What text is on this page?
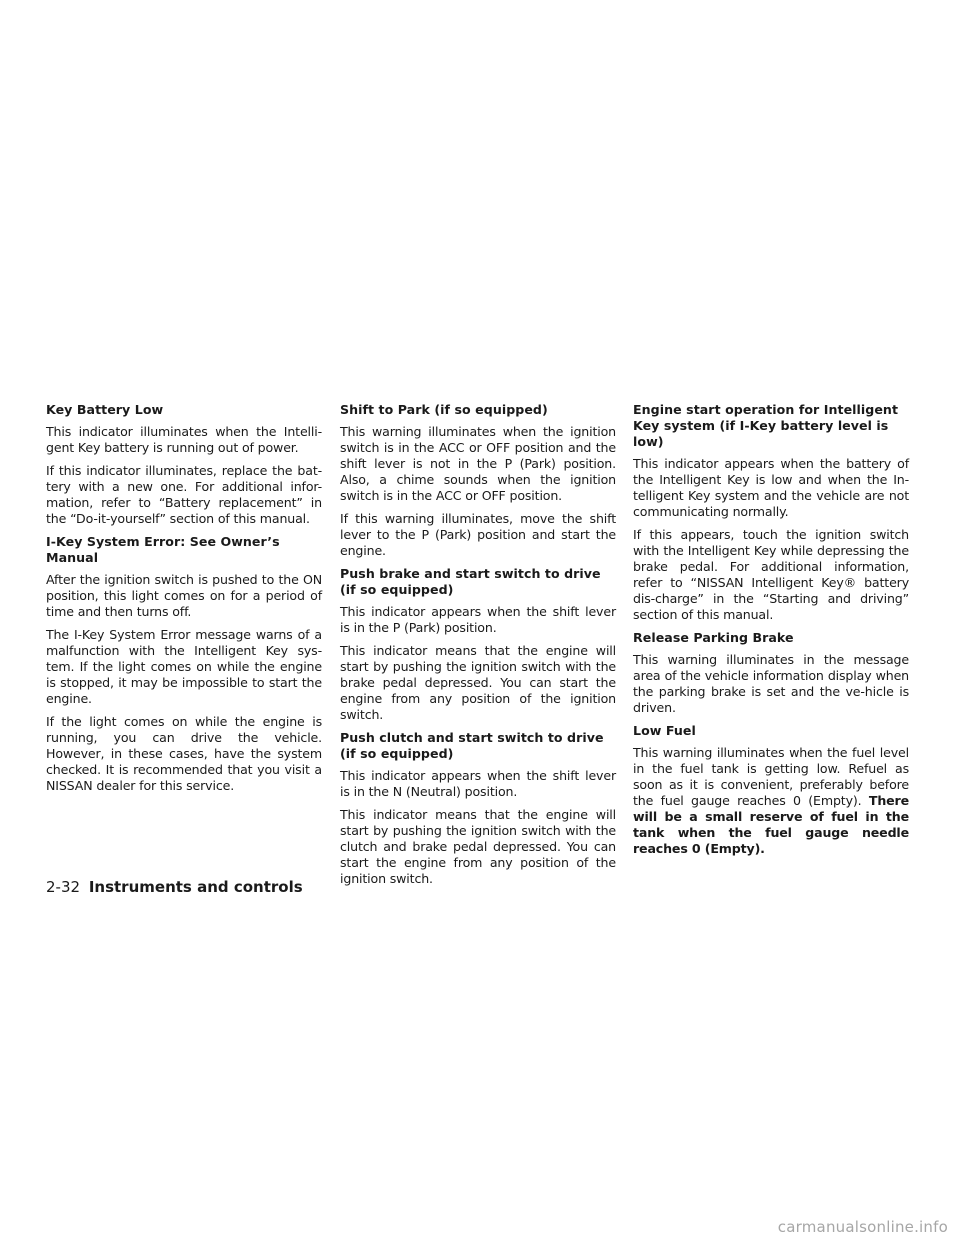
Key Battery Low

This indicator illuminates when the Intelli-gent Key battery is running out of power.

If this indicator illuminates, replace the bat-tery with a new one. For additional infor-mation, refer to “Battery replacement” in the “Do-it-yourself” section of this manual.

I-Key System Error: See Owner’s Manual

After the ignition switch is pushed to the ON position, this light comes on for a period of time and then turns off.

The I-Key System Error message warns of a malfunction with the Intelligent Key sys-tem. If the light comes on while the engine is stopped, it may be impossible to start the engine.

If the light comes on while the engine is running, you can drive the vehicle. However, in these cases, have the system checked. It is recommended that you visit a NISSAN dealer for this service.

Shift to Park (if so equipped)

This warning illuminates when the ignition switch is in the ACC or OFF position and the shift lever is not in the P (Park) position. Also, a chime sounds when the ignition switch is in the ACC or OFF position.

If this warning illuminates, move the shift lever to the P (Park) position and start the engine.

Push brake and start switch to drive (if so equipped)

This indicator appears when the shift lever is in the P (Park) position.

This indicator means that the engine will start by pushing the ignition switch with the brake pedal depressed. You can start the engine from any position of the ignition switch.

Push clutch and start switch to drive (if so equipped)

This indicator appears when the shift lever is in the N (Neutral) position.

This indicator means that the engine will start by pushing the ignition switch with the clutch and brake pedal depressed. You can start the engine from any position of the ignition switch.

Engine start operation for Intelligent Key system (if I-Key battery level is low)

This indicator appears when the battery of the Intelligent Key is low and when the In-telligent Key system and the vehicle are not communicating normally.

If this appears, touch the ignition switch with the Intelligent Key while depressing the brake pedal. For additional information, refer to “NISSAN Intelligent Key® battery dis-charge” in the “Starting and driving” section of this manual.

Release Parking Brake

This warning illuminates in the message area of the vehicle information display when the parking brake is set and the ve-hicle is driven.

Low Fuel

This warning illuminates when the fuel level in the fuel tank is getting low. Refuel as soon as it is convenient, preferably before the fuel gauge reaches 0 (Empty). There will be a small reserve of fuel in the tank when the fuel gauge needle reaches 0 (Empty).

2-32 Instruments and controls
carmanualsonline.info
